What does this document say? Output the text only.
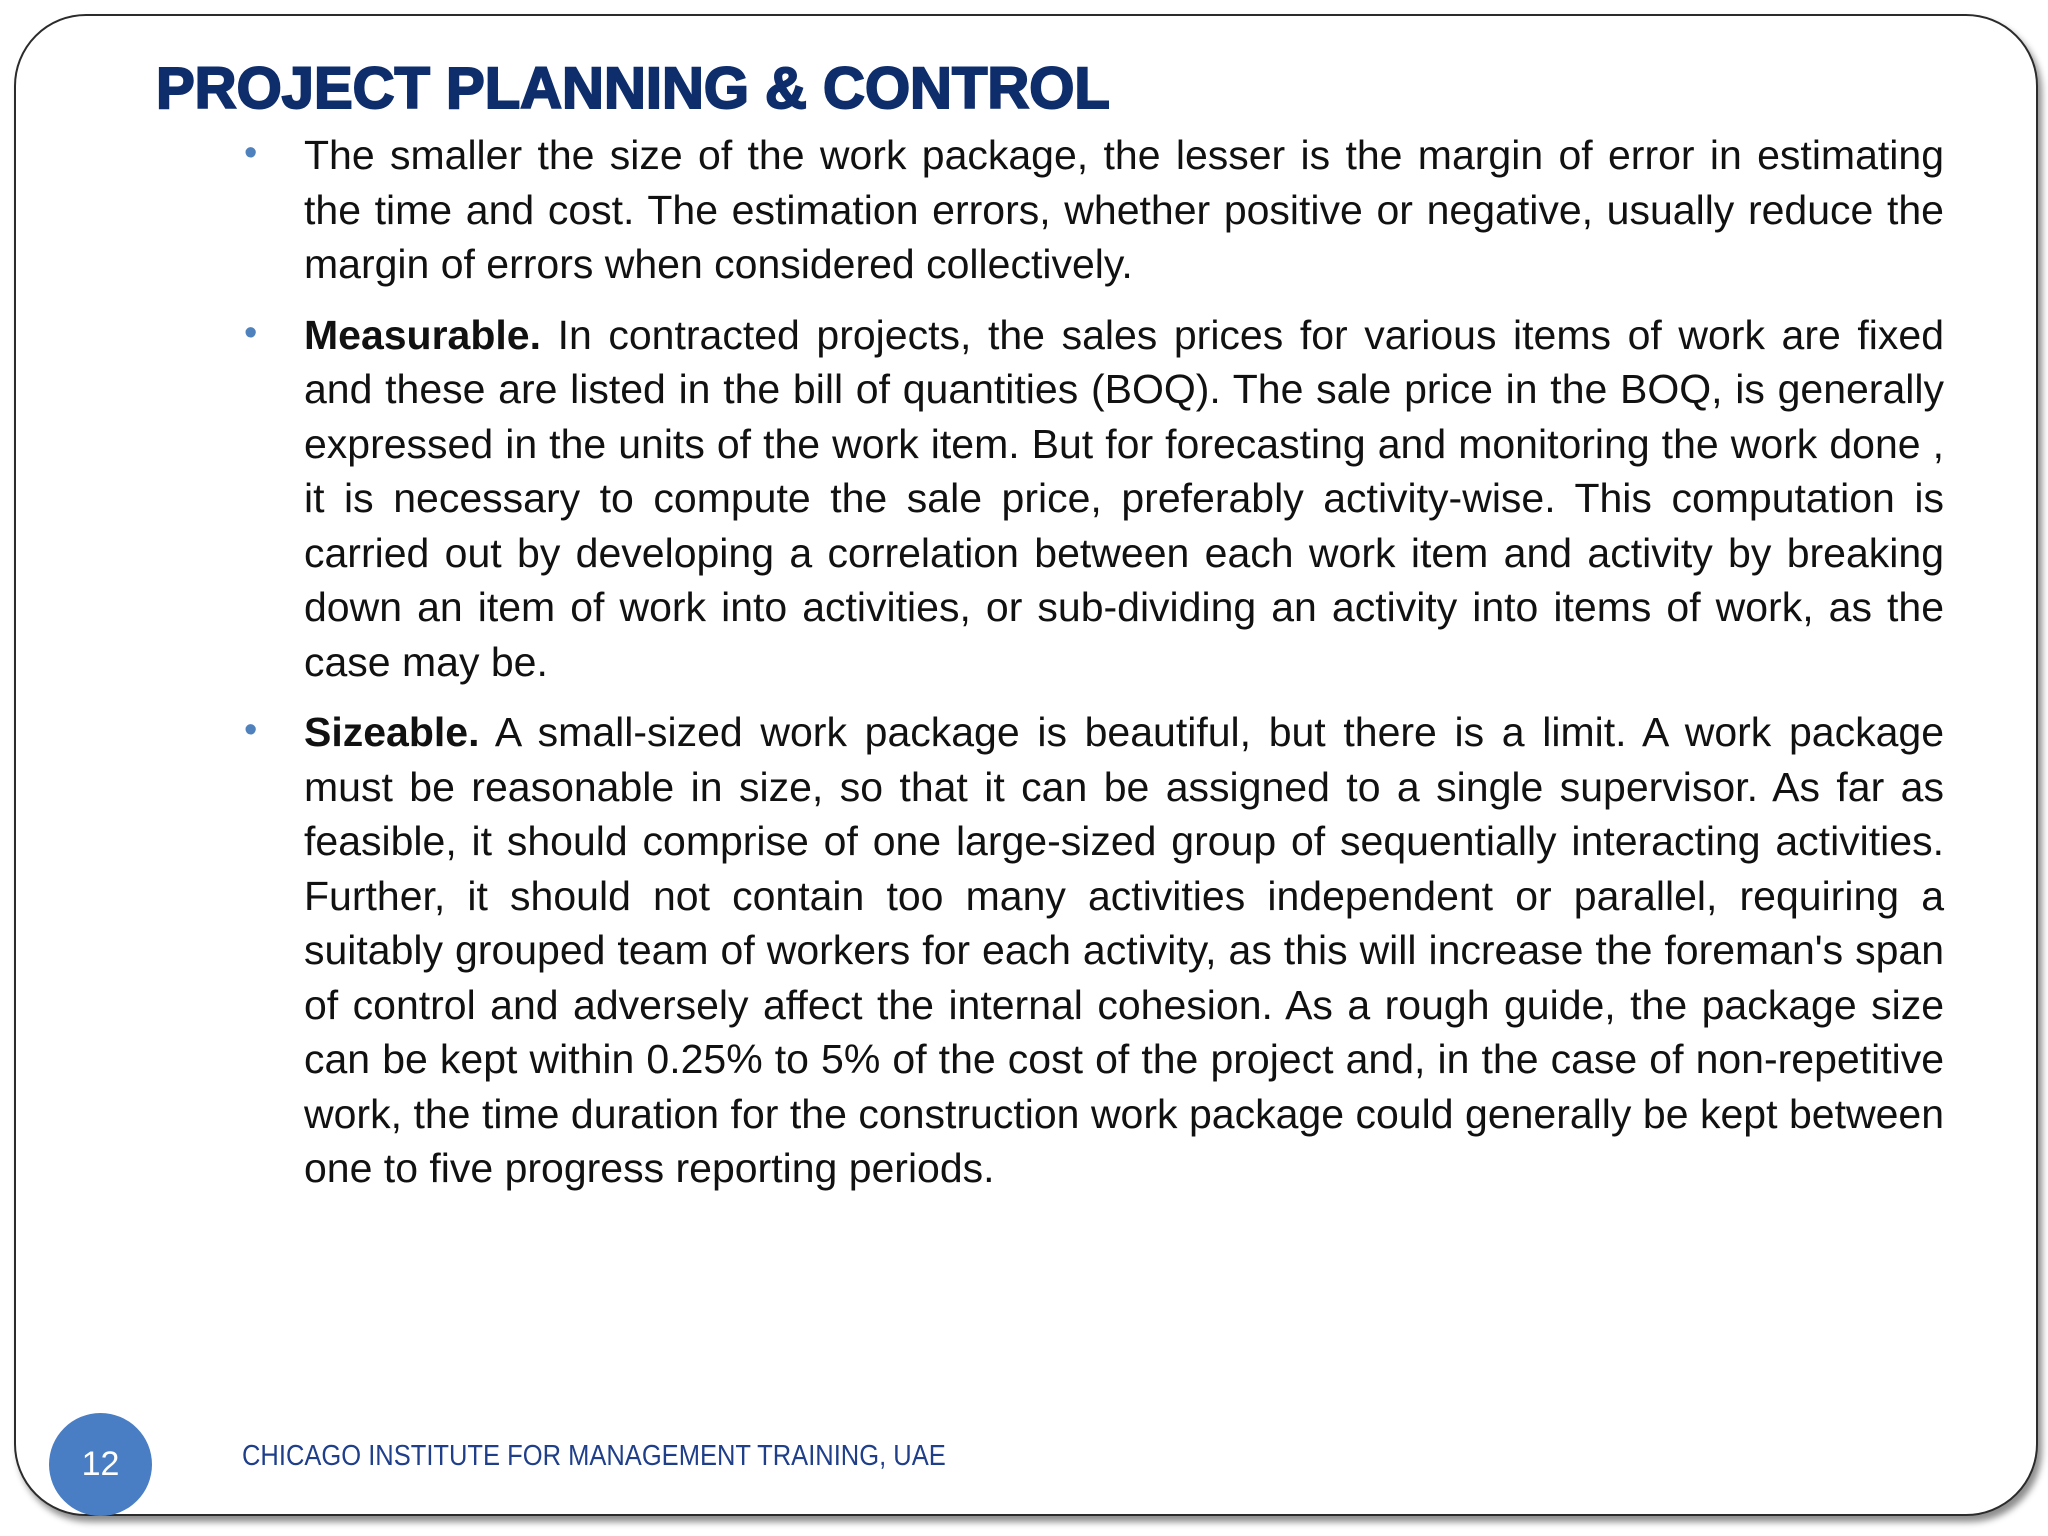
PROJECT PLANNING & CONTROL
• The smaller the size of the work package, the lesser is the margin of error in estimating the time and cost. The estimation errors, whether positive or negative, usually reduce the margin of errors when considered collectively.
• Measurable. In contracted projects, the sales prices for various items of work are fixed and these are listed in the bill of quantities (BOQ). The sale price in the BOQ, is generally expressed in the units of the work item. But for forecasting and monitoring the work done , it is necessary to compute the sale price, preferably activity-wise. This computation is carried out by developing a correlation between each work item and activity by breaking down an item of work into activities, or sub-dividing an activity into items of work, as the case may be.
• Sizeable. A small-sized work package is beautiful, but there is a limit. A work package must be reasonable in size, so that it can be assigned to a single supervisor. As far as feasible, it should comprise of one large-sized group of sequentially interacting activities. Further, it should not contain too many activities independent or parallel, requiring a suitably grouped team of workers for each activity, as this will increase the foreman's span of control and adversely affect the internal cohesion. As a rough guide, the package size can be kept within 0.25% to 5% of the cost of the project and, in the case of non-repetitive work, the time duration for the construction work package could generally be kept between one to five progress reporting periods.
12	CHICAGO INSTITUTE FOR MANAGEMENT TRAINING, UAE
